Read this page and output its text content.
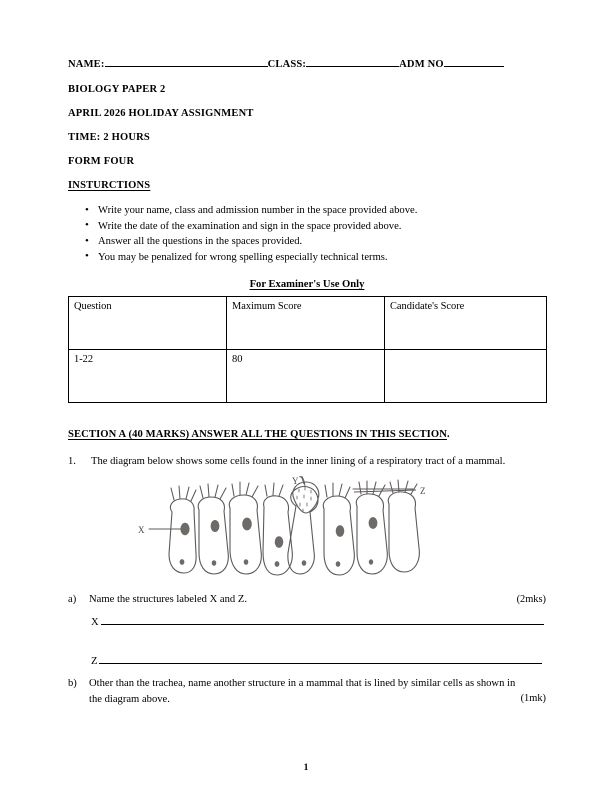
NAME:	CLASS:	ADM NO

BIOLOGY PAPER 2

APRIL 2026 HOLIDAY ASSIGNMENT

TIME: 2 HOURS

FORM FOUR

INSTURCTIONS

• Write your name, class and admission number in the space provided above.
• Write the date of the examination and sign in the space provided above.
• Answer all the questions in the spaces provided.
• You may be penalized for wrong spelling especially technical terms.
For Examiner's Use Only
Question	Maximum Score	Candidate's Score
1-22	80	

SECTION A (40 MARKS) ANSWER ALL THE QUESTIONS IN THIS SECTION.

1.	The diagram below shows some cells found in the inner lining of a respiratory tract of a mammal.
X
Y
Z
a)	(2mks)
Name the structures labeled X and Z.
X
Z
b)
(1mk)
Other than the trachea, name another structure in a mammal that is lined by similar cells as shown in the diagram above.
1
